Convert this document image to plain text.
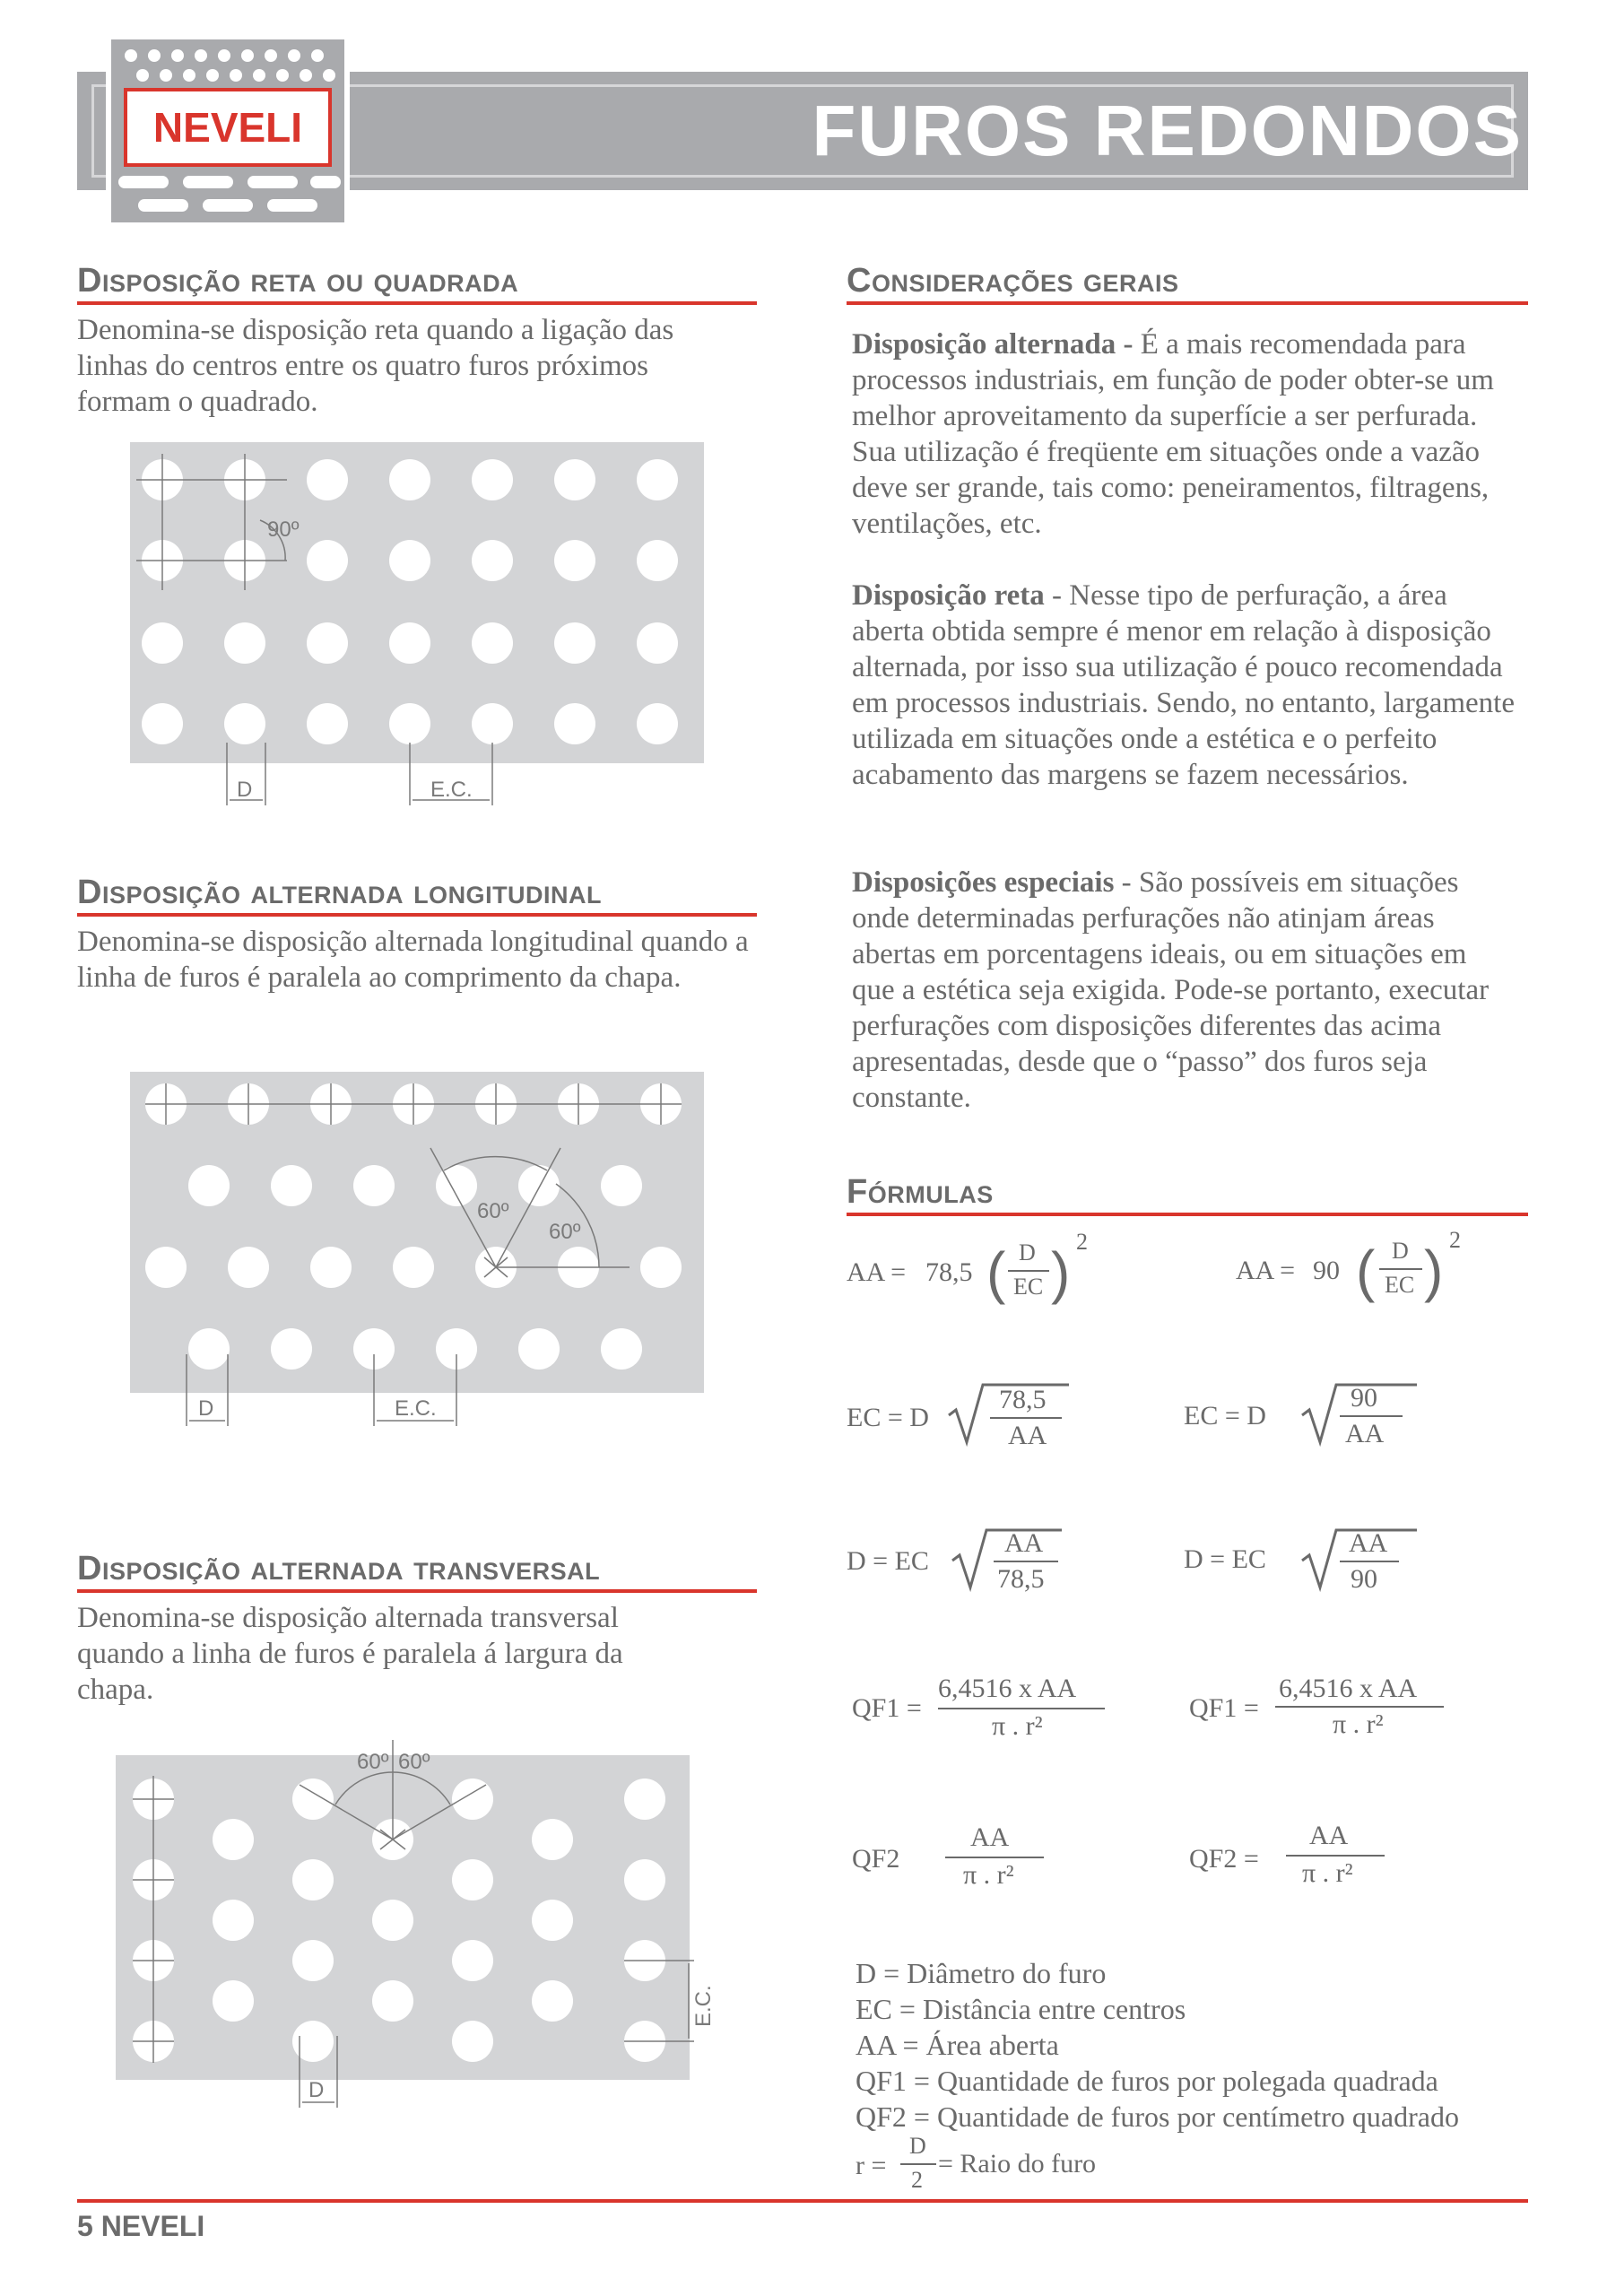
FUROS REDONDOS
NEVELI
Disposição reta ou quadrada
Denomina-se disposição reta quando a ligação das linhas do centros entre os quatro furos próximos formam o quadrado.
90º
D	E.C.
Disposição alternada longitudinal
Denomina-se disposição alternada longitudinal quando a linha de furos é paralela ao comprimento da chapa.
60º
60º
D	E.C.
Disposição alternada transversal
Denomina-se disposição alternada transversal quando a linha de furos é paralela á largura da chapa.
60º 60º
E.C.
D
Considerações gerais
Disposição alternada - É a mais recomendada para processos industriais, em função de poder obter-se um melhor aproveitamento da superfície a ser perfurada. Sua utilização é freqüente em situações onde a vazão deve ser grande, tais como: peneiramentos, filtragens, ventilações, etc.
Disposição reta - Nesse tipo de perfuração, a área aberta obtida sempre é menor em relação à disposição alternada, por isso sua utilização é pouco recomendada em processos industriais. Sendo, no entanto, largamente utilizada em situações onde a estética e o perfeito acabamento das margens se fazem necessários.
Disposições especiais - São possíveis em situações onde determinadas perfurações não atinjam áreas abertas em porcentagens ideais, ou em situações em que a estética seja exigida. Pode-se portanto, executar perfurações com disposições diferentes das acima apresentadas, desde que o “passo” dos furos seja constante.
Fórmulas
AA = 78,5 ( D
EC ) 2
AA = 90 ( D
EC ) 2
EC = D
78,5
AA
EC = D
90
AA
D = EC
AA
78,5
D = EC
AA
90
QF1 =
6,4516 x AA
π . r²
QF1 =
6,4516 x AA
π . r²
QF2
AA
π . r²
QF2 =
AA
π . r²
D = Diâmetro do furo
EC = Distância entre centros
AA = Área aberta
QF1 = Quantidade de furos por polegada quadrada
QF2 = Quantidade de furos por centímetro quadrado
r =
D
2
= Raio do furo
5 NEVELI
